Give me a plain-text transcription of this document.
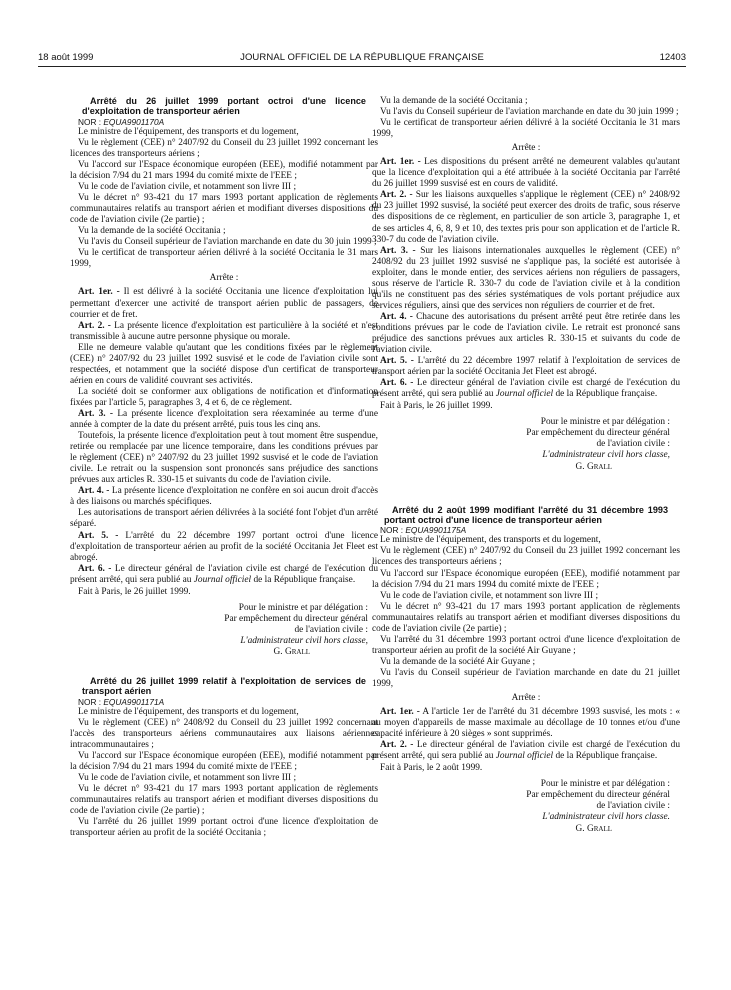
18 août 1999	JOURNAL OFFICIEL DE LA RÉPUBLIQUE FRANÇAISE	12403

Arrêté du 26 juillet 1999 portant octroi d'une licence d'exploitation de transporteur aérien

NOR : EQUA9901170A

Le ministre de l'équipement, des transports et du logement,

Vu le règlement (CEE) n° 2407/92 du Conseil du 23 juillet 1992 concernant les licences des transporteurs aériens ;

Vu l'accord sur l'Espace économique européen (EEE), modifié notamment par la décision 7/94 du 21 mars 1994 du comité mixte de l'EEE ;

Vu le code de l'aviation civile, et notamment son livre III ;

Vu le décret n° 93-421 du 17 mars 1993 portant application de règlements communautaires relatifs au transport aérien et modifiant diverses dispositions du code de l'aviation civile (2e partie) ;

Vu la demande de la société Occitania ;

Vu l'avis du Conseil supérieur de l'aviation marchande en date du 30 juin 1999 ;

Vu le certificat de transporteur aérien délivré à la société Occitania le 31 mars 1999,

Arrête :

Art. 1er. - Il est délivré à la société Occitania une licence d'exploitation lui permettant d'exercer une activité de transport aérien public de passagers, de courrier et de fret.

Art. 2. - La présente licence d'exploitation est particulière à la société et n'est transmissible à aucune autre personne physique ou morale.

Elle ne demeure valable qu'autant que les conditions fixées par le règlement (CEE) n° 2407/92 du 23 juillet 1992 susvisé et le code de l'aviation civile sont respectées, et notamment que la société dispose d'un certificat de transporteur aérien en cours de validité couvrant ses activités.

La société doit se conformer aux obligations de notification et d'information fixées par l'article 5, paragraphes 3, 4 et 6, de ce règlement.

Art. 3. - La présente licence d'exploitation sera réexaminée au terme d'une année à compter de la date du présent arrêté, puis tous les cinq ans.

Toutefois, la présente licence d'exploitation peut à tout moment être suspendue, retirée ou remplacée par une licence temporaire, dans les conditions prévues par le règlement (CEE) n° 2407/92 du 23 juillet 1992 susvisé et le code de l'aviation civile. Le retrait ou la suspension sont prononcés sans préjudice des sanctions prévues aux articles R. 330-15 et suivants du code de l'aviation civile.

Art. 4. - La présente licence d'exploitation ne confère en soi aucun droit d'accès à des liaisons ou marchés spécifiques.

Les autorisations de transport aérien délivrées à la société font l'objet d'un arrêté séparé.

Art. 5. - L'arrêté du 22 décembre 1997 portant octroi d'une licence d'exploitation de transporteur aérien au profit de la société Occitania Jet Fleet est abrogé.

Art. 6. - Le directeur général de l'aviation civile est chargé de l'exécution du présent arrêté, qui sera publié au Journal officiel de la République française.

Fait à Paris, le 26 juillet 1999.

Pour le ministre et par délégation :
Par empêchement du directeur général
de l'aviation civile :
L'administrateur civil hors classe,
G. Grall

Arrêté du 26 juillet 1999 relatif à l'exploitation de services de transport aérien

NOR : EQUA9901171A

Le ministre de l'équipement, des transports et du logement,

Vu le règlement (CEE) n° 2408/92 du Conseil du 23 juillet 1992 concernant l'accès des transporteurs aériens communautaires aux liaisons aériennes intracommunautaires ;

Vu l'accord sur l'Espace économique européen (EEE), modifié notamment par la décision 7/94 du 21 mars 1994 du comité mixte de l'EEE ;

Vu le code de l'aviation civile, et notamment son livre III ;

Vu le décret n° 93-421 du 17 mars 1993 portant application de règlements communautaires relatifs au transport aérien et modifiant diverses dispositions du code de l'aviation civile (2e partie) ;

Vu l'arrêté du 26 juillet 1999 portant octroi d'une licence d'exploitation de transporteur aérien au profit de la société Occitania ;

Vu la demande de la société Occitania ;

Vu l'avis du Conseil supérieur de l'aviation marchande en date du 30 juin 1999 ;

Vu le certificat de transporteur aérien délivré à la société Occitania le 31 mars 1999,

Arrête :

Art. 1er. - Les dispositions du présent arrêté ne demeurent valables qu'autant que la licence d'exploitation qui a été attribuée à la société Occitania par l'arrêté du 26 juillet 1999 susvisé est en cours de validité.

Art. 2. - Sur les liaisons auxquelles s'applique le règlement (CEE) n° 2408/92 du 23 juillet 1992 susvisé, la société peut exercer des droits de trafic, sous réserve des dispositions de ce règlement, en particulier de son article 3, paragraphe 1, et de ses articles 4, 6, 8, 9 et 10, des textes pris pour son application et de l'article R. 330-7 du code de l'aviation civile.

Art. 3. - Sur les liaisons internationales auxquelles le règlement (CEE) n° 2408/92 du 23 juillet 1992 susvisé ne s'applique pas, la société est autorisée à exploiter, dans le monde entier, des services aériens non réguliers de passagers, sous réserve de l'article R. 330-7 du code de l'aviation civile et à la condition qu'ils ne constituent pas des séries systématiques de vols portant préjudice aux services réguliers, ainsi que des services non réguliers de courrier et de fret.

Art. 4. - Chacune des autorisations du présent arrêté peut être retirée dans les conditions prévues par le code de l'aviation civile. Le retrait est prononcé sans préjudice des sanctions prévues aux articles R. 330-15 et suivants du code de l'aviation civile.

Art. 5. - L'arrêté du 22 décembre 1997 relatif à l'exploitation de services de transport aérien par la société Occitania Jet Fleet est abrogé.

Art. 6. - Le directeur général de l'aviation civile est chargé de l'exécution du présent arrêté, qui sera publié au Journal officiel de la République française.

Fait à Paris, le 26 juillet 1999.

Pour le ministre et par délégation :
Par empêchement du directeur général
de l'aviation civile :
L'administrateur civil hors classe,
G. Grall

Arrêté du 2 août 1999 modifiant l'arrêté du 31 décembre 1993 portant octroi d'une licence de transporteur aérien

NOR : EQUA9901175A

Le ministre de l'équipement, des transports et du logement,

Vu le règlement (CEE) n° 2407/92 du Conseil du 23 juillet 1992 concernant les licences des transporteurs aériens ;

Vu l'accord sur l'Espace économique européen (EEE), modifié notamment par la décision 7/94 du 21 mars 1994 du comité mixte de l'EEE ;

Vu le code de l'aviation civile, et notamment son livre III ;

Vu le décret n° 93-421 du 17 mars 1993 portant application de règlements communautaires relatifs au transport aérien et modifiant diverses dispositions du code de l'aviation civile (2e partie) ;

Vu l'arrêté du 31 décembre 1993 portant octroi d'une licence d'exploitation de transporteur aérien au profit de la société Air Guyane ;

Vu la demande de la société Air Guyane ;

Vu l'avis du Conseil supérieur de l'aviation marchande en date du 21 juillet 1999,

Arrête :

Art. 1er. - A l'article 1er de l'arrêté du 31 décembre 1993 susvisé, les mots : « au moyen d'appareils de masse maximale au décollage de 10 tonnes et/ou d'une capacité inférieure à 20 sièges » sont supprimés.

Art. 2. - Le directeur général de l'aviation civile est chargé de l'exécution du présent arrêté, qui sera publié au Journal officiel de la République française.

Fait à Paris, le 2 août 1999.

Pour le ministre et par délégation :
Par empêchement du directeur général
de l'aviation civile :
L'administrateur civil hors classe.
G. Grall
